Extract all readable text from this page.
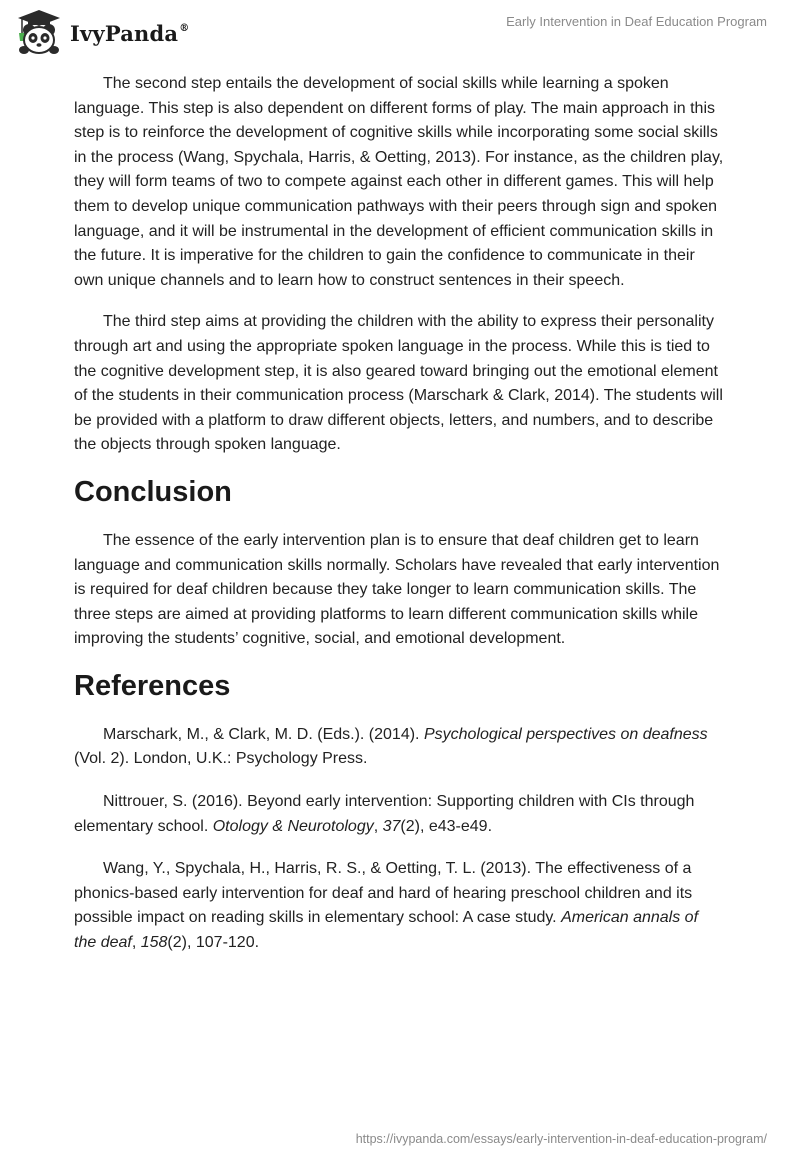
IvyPanda®	Early Intervention in Deaf Education Program

The second step entails the development of social skills while learning a spoken language. This step is also dependent on different forms of play. The main approach in this step is to reinforce the development of cognitive skills while incorporating some social skills in the process (Wang, Spychala, Harris, & Oetting, 2013). For instance, as the children play, they will form teams of two to compete against each other in different games. This will help them to develop unique communication pathways with their peers through sign and spoken language, and it will be instrumental in the development of efficient communication skills in the future. It is imperative for the children to gain the confidence to communicate in their own unique channels and to learn how to construct sentences in their speech.

The third step aims at providing the children with the ability to express their personality through art and using the appropriate spoken language in the process. While this is tied to the cognitive development step, it is also geared toward bringing out the emotional element of the students in their communication process (Marschark & Clark, 2014). The students will be provided with a platform to draw different objects, letters, and numbers, and to describe the objects through spoken language.

Conclusion

The essence of the early intervention plan is to ensure that deaf children get to learn language and communication skills normally. Scholars have revealed that early intervention is required for deaf children because they take longer to learn communication skills. The three steps are aimed at providing platforms to learn different communication skills while improving the students’ cognitive, social, and emotional development.

References

Marschark, M., & Clark, M. D. (Eds.). (2014). Psychological perspectives on deafness (Vol. 2). London, U.K.: Psychology Press.

Nittrouer, S. (2016). Beyond early intervention: Supporting children with CIs through elementary school. Otology & Neurotology, 37(2), e43-e49.

Wang, Y., Spychala, H., Harris, R. S., & Oetting, T. L. (2013). The effectiveness of a phonics-based early intervention for deaf and hard of hearing preschool children and its possible impact on reading skills in elementary school: A case study. American annals of the deaf, 158(2), 107-120.

https://ivypanda.com/essays/early-intervention-in-deaf-education-program/
